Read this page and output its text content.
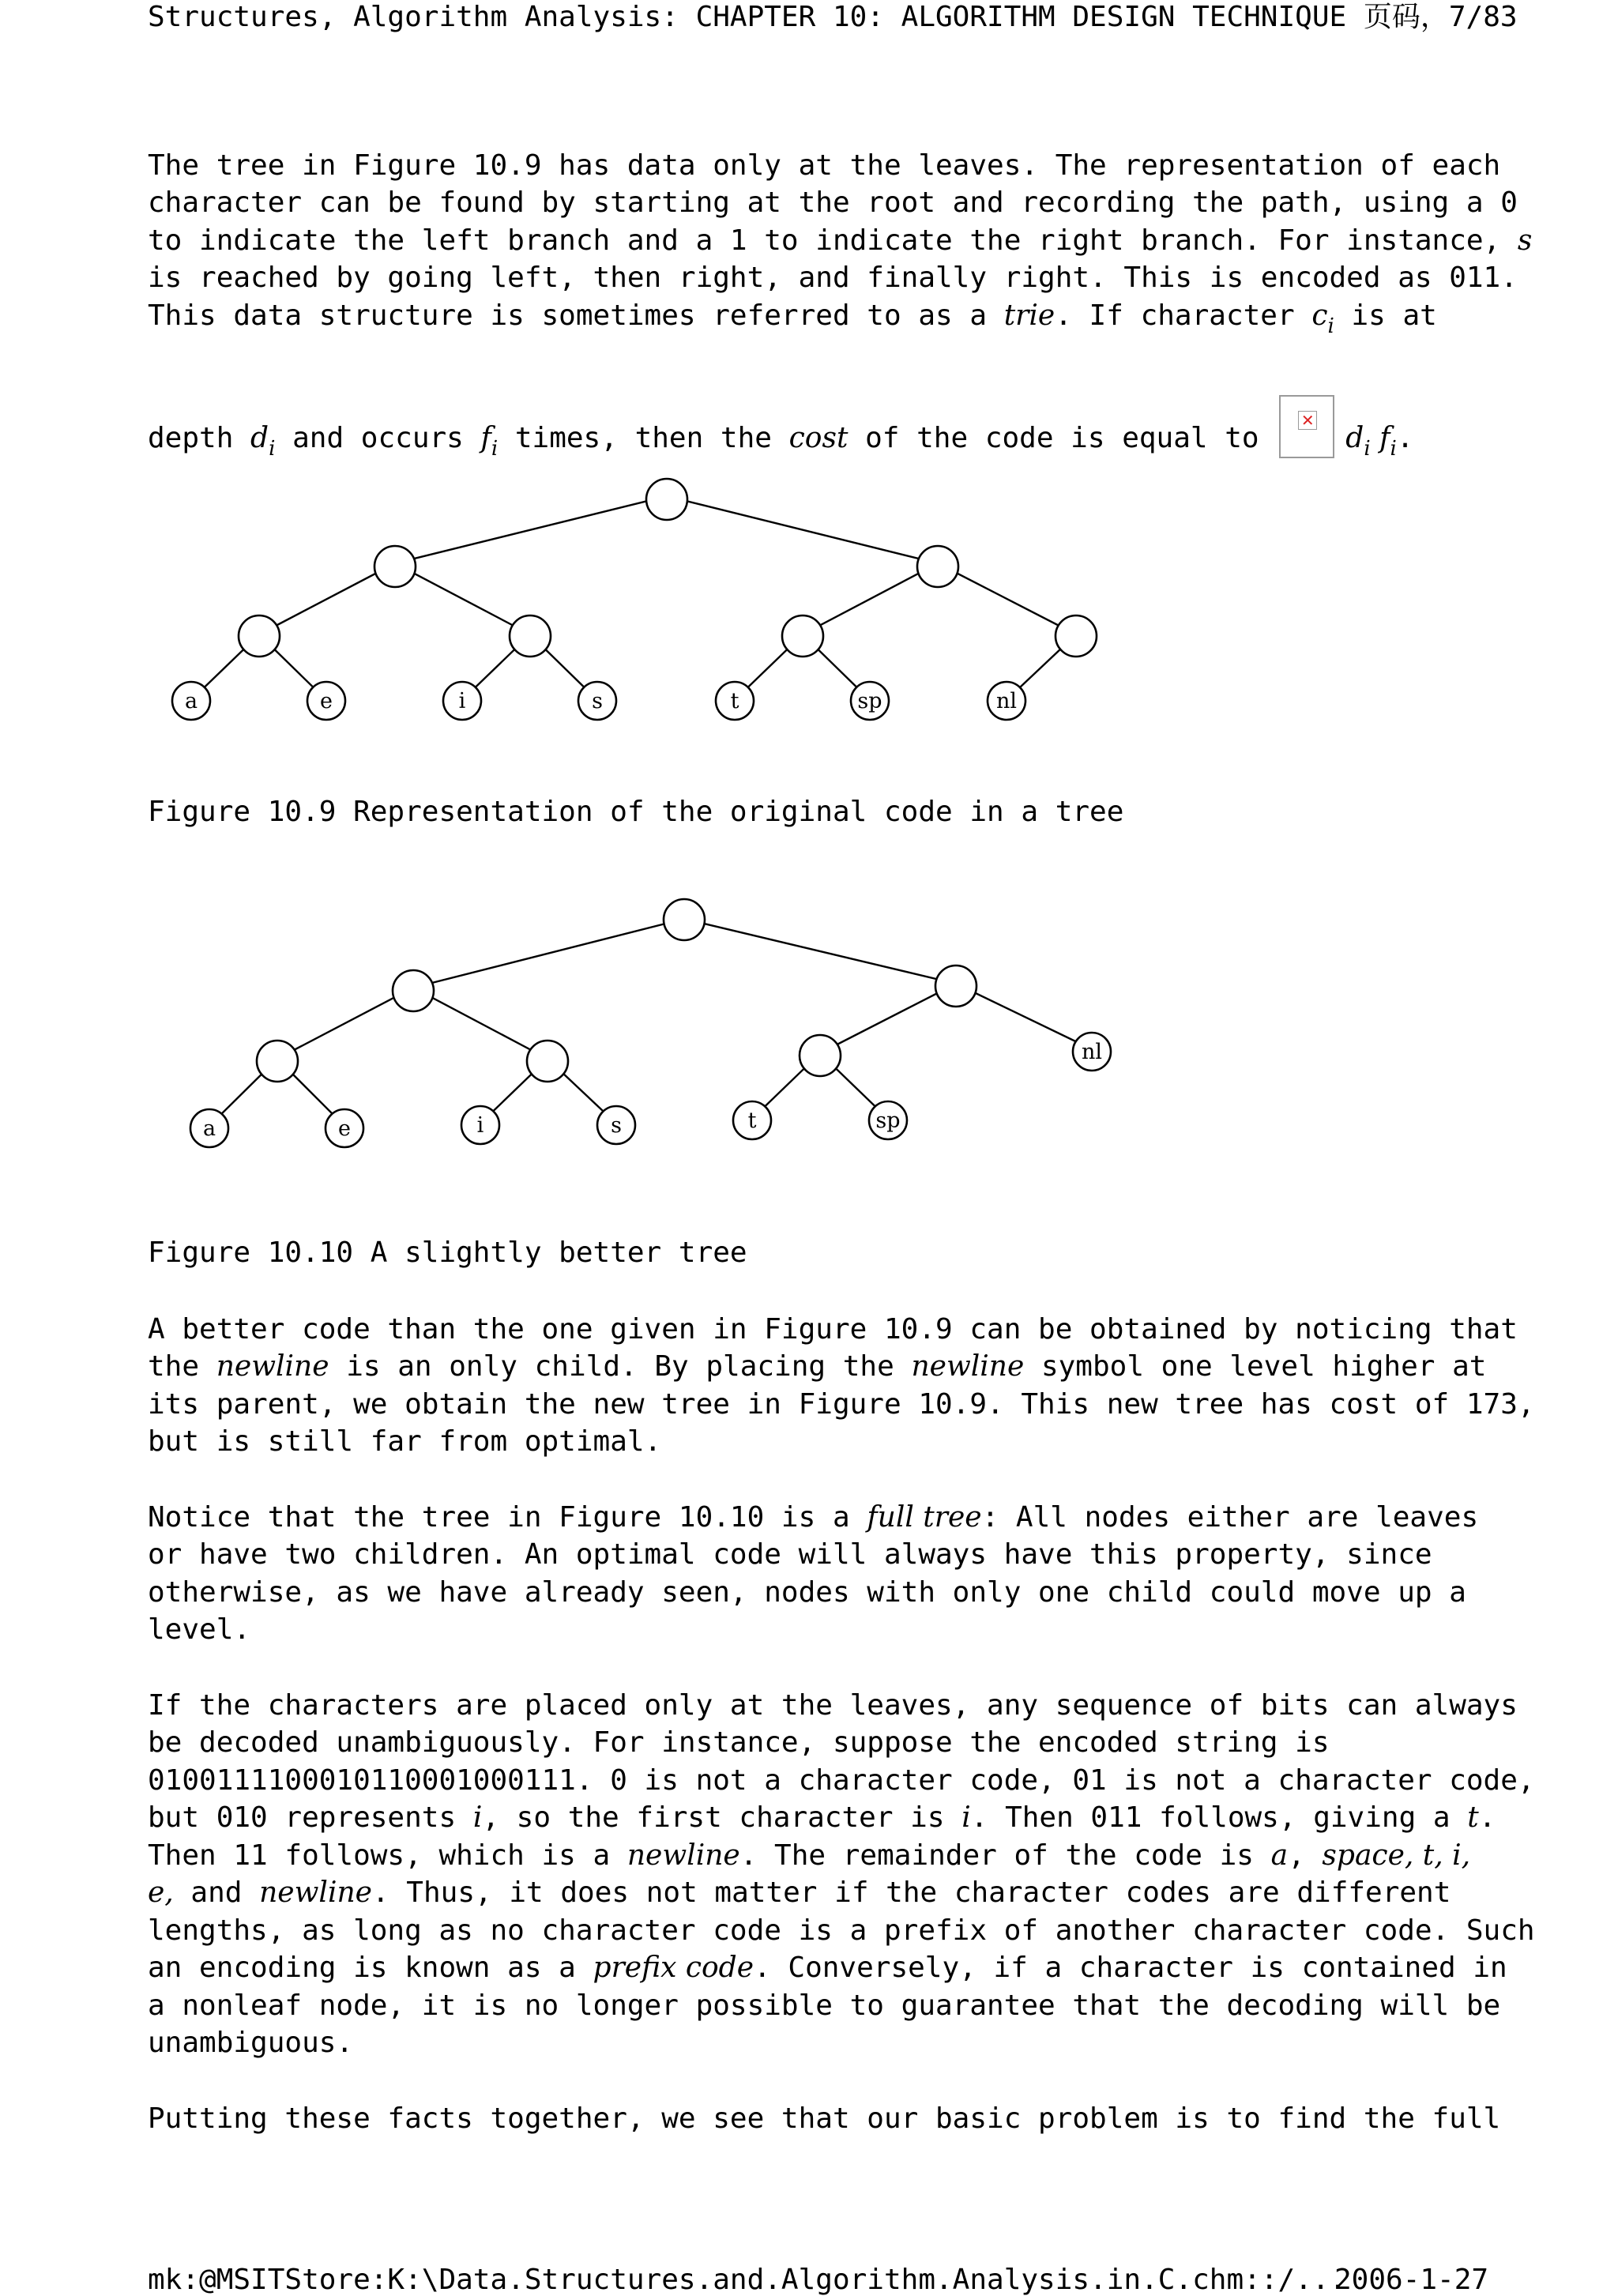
Structures, Algorithm Analysis: CHAPTER 10: ALGORITHM DESIGN TECHNIQUE 页码，7/83

The tree in Figure 10.9 has data only at the leaves. The representation of each

character can be found by starting at the root and recording the path, using a 0

to indicate the left branch and a 1 to indicate the right branch. For instance, s

is reached by going left, then right, and finally right. This is encoded as 011.

This data structure is sometimes referred to as a trie. If character $c_i$ is at

depth $d_i$ and occurs $f_i$ times, then the cost of the code is equal to
✕
$d_i$ $f_i$.

a	e	i	s	t	sp	nl

Figure 10.9 Representation of the original code in a tree

a	e	i	s	t	sp
nl

Figure 10.10 A slightly better tree

A better code than the one given in Figure 10.9 can be obtained by noticing that

the newline is an only child. By placing the newline symbol one level higher at

its parent, we obtain the new tree in Figure 10.9. This new tree has cost of 173,

but is still far from optimal.

Notice that the tree in Figure 10.10 is a full tree: All nodes either are leaves

or have two children. An optimal code will always have this property, since

otherwise, as we have already seen, nodes with only one child could move up a

level.

If the characters are placed only at the leaves, any sequence of bits can always

be decoded unambiguously. For instance, suppose the encoded string is

0100111100010110001000111. 0 is not a character code, 01 is not a character code,

but 010 represents i, so the first character is i. Then 011 follows, giving a t.

Then 11 follows, which is a newline. The remainder of the code is a, space, t, i,

e, and newline. Thus, it does not matter if the character codes are different

lengths, as long as no character code is a prefix of another character code. Such

an encoding is known as a prefix code. Conversely, if a character is contained in

a nonleaf node, it is no longer possible to guarantee that the decoding will be

unambiguous.

Putting these facts together, we see that our basic problem is to find the full

mk:@MSITStore:K:\Data.Structures.and.Algorithm.Analysis.in.C.chm::/...
2006-1-27
